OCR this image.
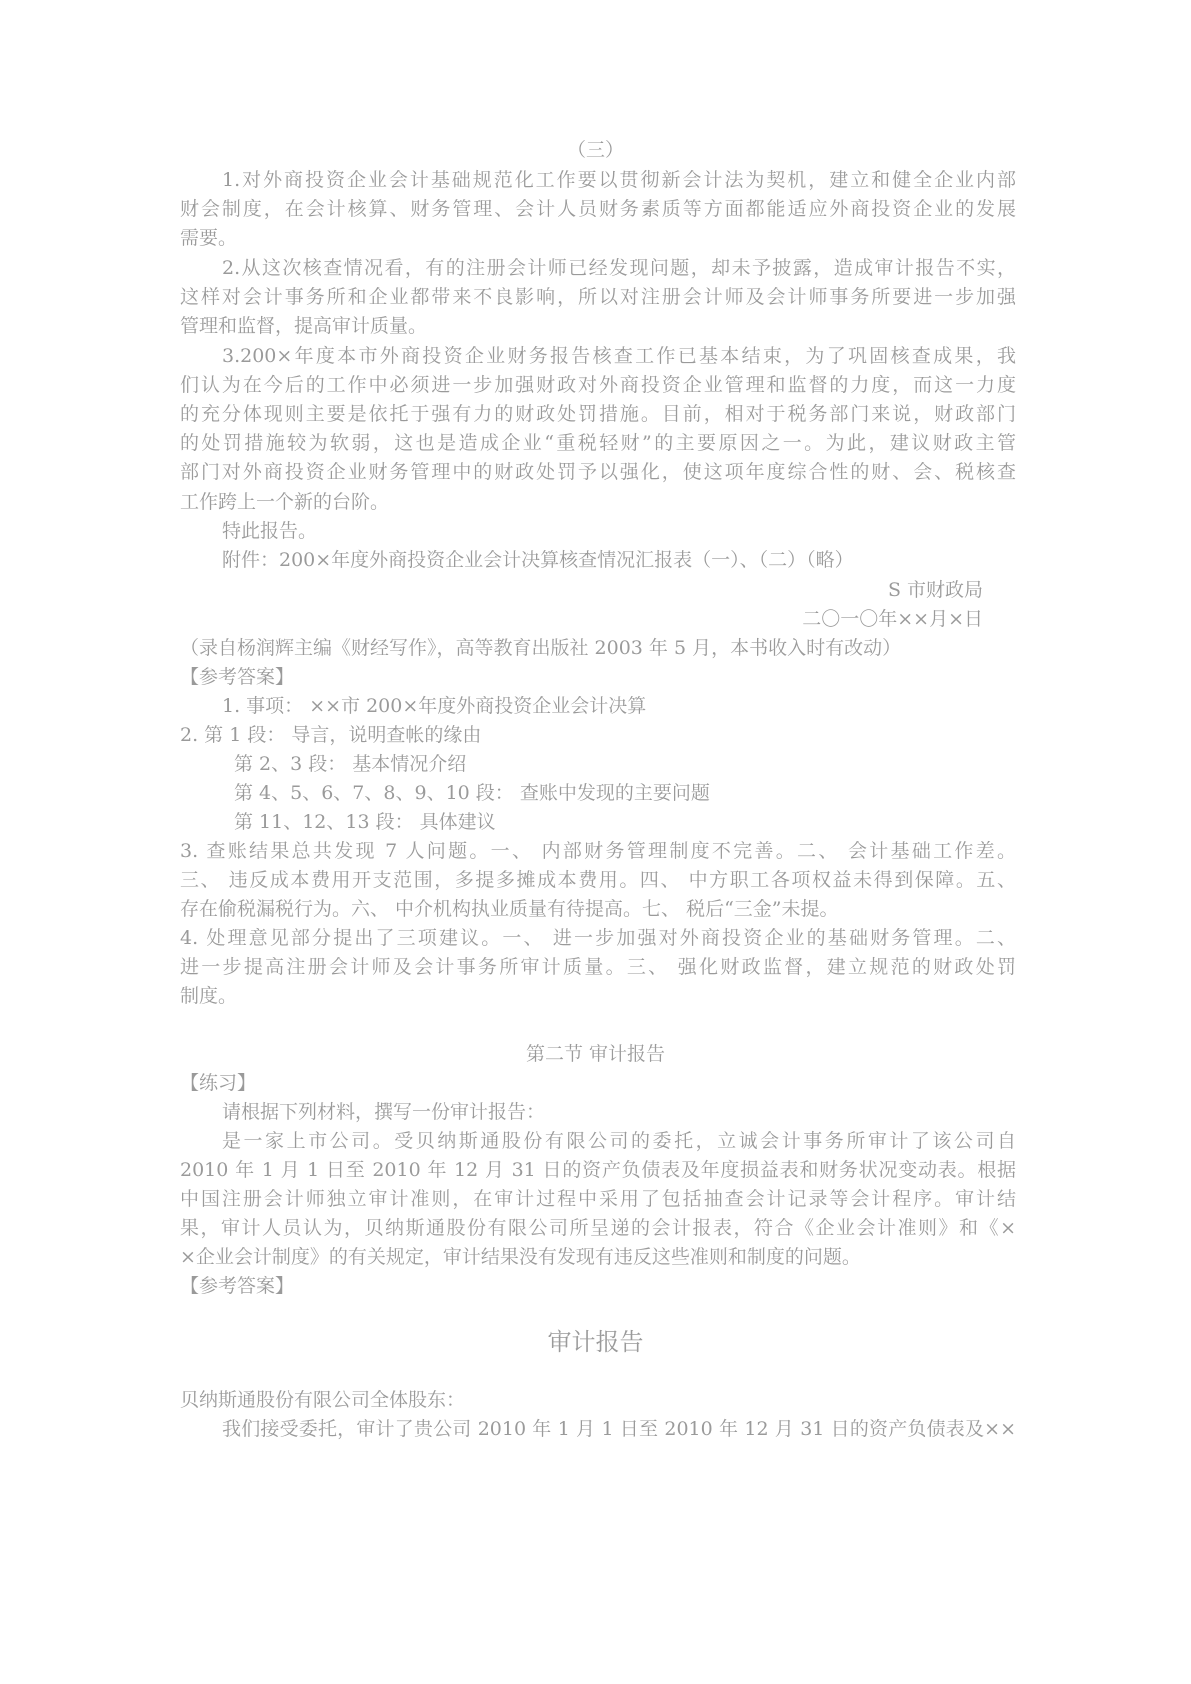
（三）
1.对外商投资企业会计基础规范化工作要以贯彻新会计法为契机，建立和健全企业内部
财会制度，在会计核算、财务管理、会计人员财务素质等方面都能适应外商投资企业的发展
需要。
2.从这次核查情况看，有的注册会计师已经发现问题，却未予披露，造成审计报告不实，
这样对会计事务所和企业都带来不良影响，所以对注册会计师及会计师事务所要进一步加强
管理和监督，提高审计质量。
3.200×年度本市外商投资企业财务报告核查工作已基本结束，为了巩固核查成果，我
们认为在今后的工作中必须进一步加强财政对外商投资企业管理和监督的力度，而这一力度
的充分体现则主要是依托于强有力的财政处罚措施。目前，相对于税务部门来说，财政部门
的处罚措施较为软弱，这也是造成企业“重税轻财”的主要原因之一。为此，建议财政主管
部门对外商投资企业财务管理中的财政处罚予以强化，使这项年度综合性的财、会、税核查
工作跨上一个新的台阶。
特此报告。
附件：200×年度外商投资企业会计决算核查情况汇报表（一）、（二）（略）
S 市财政局
二〇一〇年××月×日
（录自杨润辉主编《财经写作》，高等教育出版社 2003 年 5 月，本书收入时有改动）
【参考答案】
1. 事项： ××市 200×年度外商投资企业会计决算
2. 第 1 段： 导言，说明查帐的缘由
第 2、3 段： 基本情况介绍
第 4、5、6、7、8、9、10 段： 查账中发现的主要问题
第 11、12、13 段： 具体建议
3. 查账结果总共发现 7 人问题。一、 内部财务管理制度不完善。二、 会计基础工作差。
三、 违反成本费用开支范围，多提多摊成本费用。四、 中方职工各项权益未得到保障。五、
存在偷税漏税行为。六、 中介机构执业质量有待提高。七、 税后“三金”未提。
4. 处理意见部分提出了三项建议。一、 进一步加强对外商投资企业的基础财务管理。二、
进一步提高注册会计师及会计事务所审计质量。三、 强化财政监督，建立规范的财政处罚
制度。
第二节 审计报告
【练习】
请根据下列材料，撰写一份审计报告：
是一家上市公司。受贝纳斯通股份有限公司的委托，立诚会计事务所审计了该公司自
2010 年 1 月 1 日至 2010 年 12 月 31 日的资产负债表及年度损益表和财务状况变动表。根据
中国注册会计师独立审计准则，在审计过程中采用了包括抽查会计记录等会计程序。审计结
果，审计人员认为，贝纳斯通股份有限公司所呈递的会计报表，符合《企业会计准则》和《×
×企业会计制度》的有关规定，审计结果没有发现有违反这些准则和制度的问题。
【参考答案】
审计报告
贝纳斯通股份有限公司全体股东：
我们接受委托，审计了贵公司 2010 年 1 月 1 日至 2010 年 12 月 31 日的资产负债表及××
